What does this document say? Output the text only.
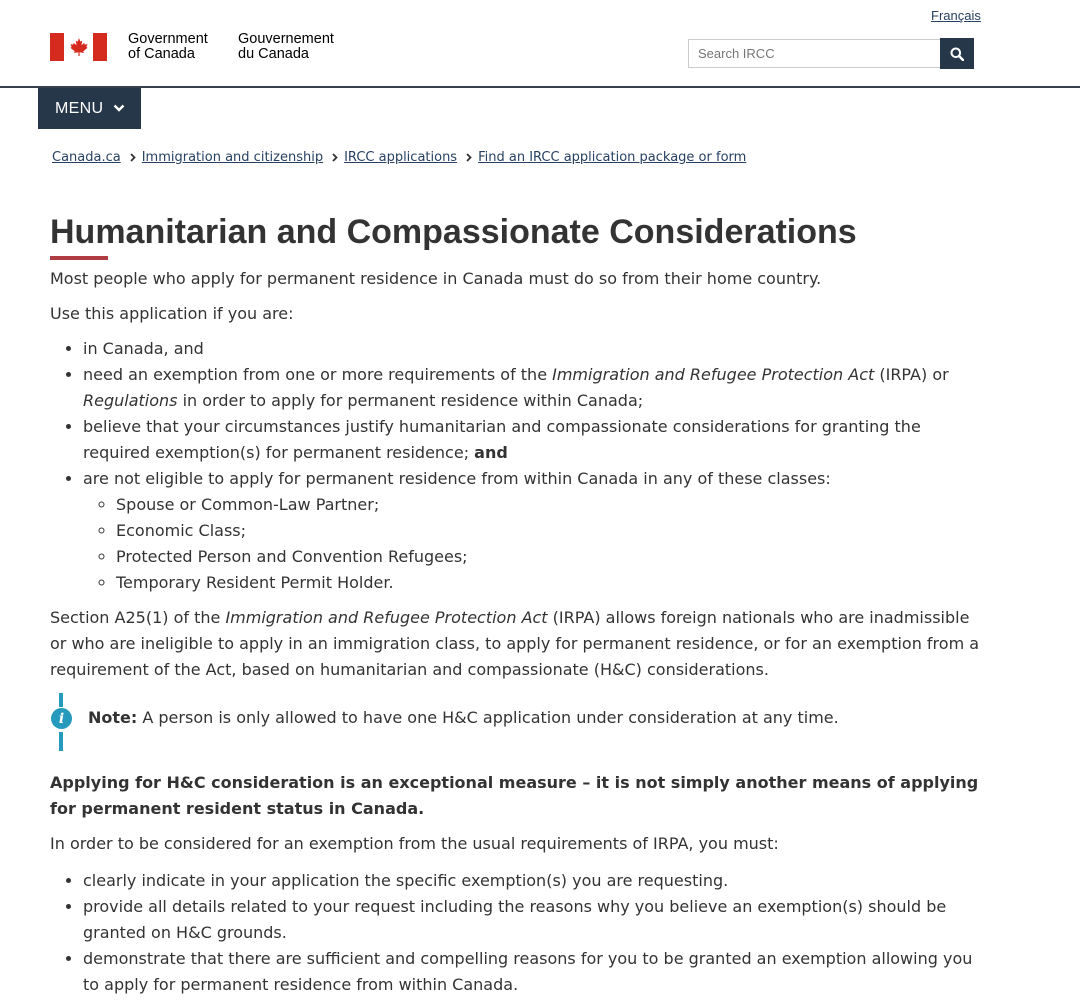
Français
Government
of Canada
Gouvernement
du Canada
Search IRCC
MENU
Canada.ca Immigration and citizenship IRCC applications Find an IRCC application package or form
Humanitarian and Compassionate Considerations

Most people who apply for permanent residence in Canada must do so from their home country.

Use this application if you are:

• in Canada, and
• need an exemption from one or more requirements of the Immigration and Refugee Protection Act (IRPA) or Regulations in order to apply for permanent residence within Canada;
• believe that your circumstances justify humanitarian and compassionate considerations for granting the required exemption(s) for permanent residence; and
• are not eligible to apply for permanent residence from within Canada in any of these classes:
◦ Spouse or Common-Law Partner;
◦ Economic Class;
◦ Protected Person and Convention Refugees;
◦ Temporary Resident Permit Holder.

Section A25(1) of the Immigration and Refugee Protection Act (IRPA) allows foreign nationals who are inadmissible or who are ineligible to apply in an immigration class, to apply for permanent residence, or for an exemption from a requirement of the Act, based on humanitarian and compassionate (H&C) considerations.

i	Note: A person is only allowed to have one H&C application under consideration at any time.

Applying for H&C consideration is an exceptional measure – it is not simply another means of applying for permanent resident status in Canada.

In order to be considered for an exemption from the usual requirements of IRPA, you must:

• clearly indicate in your application the specific exemption(s) you are requesting.
• provide all details related to your request including the reasons why you believe an exemption(s) should be granted on H&C grounds.
• demonstrate that there are sufficient and compelling reasons for you to be granted an exemption allowing you to apply for permanent residence from within Canada.
